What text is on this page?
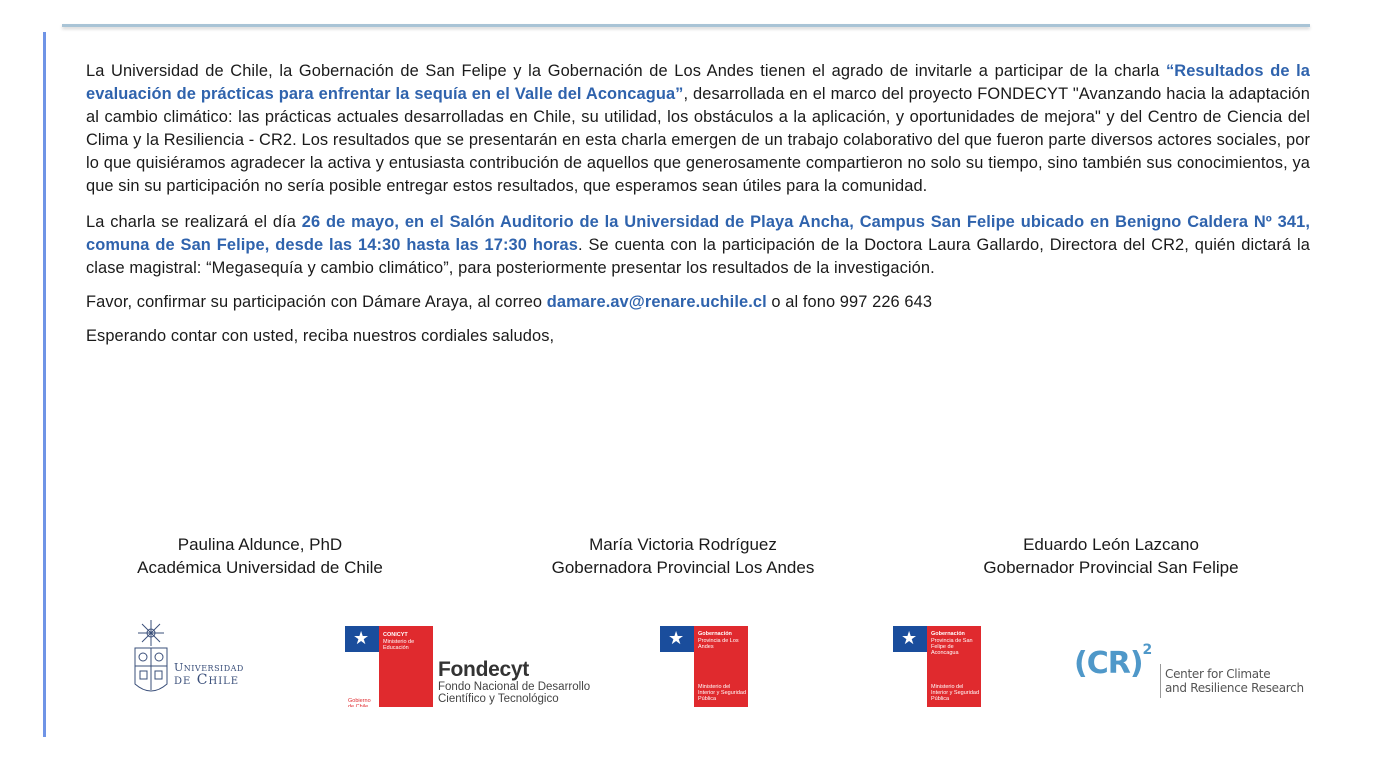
La Universidad de Chile, la Gobernación de San Felipe y la Gobernación de Los Andes tienen el agrado de invitarle a participar de la charla “Resultados de la evaluación de prácticas para enfrentar la sequía en el Valle del Aconcagua”, desarrollada en el marco del proyecto FONDECYT "Avanzando hacia la adaptación al cambio climático: las prácticas actuales desarrolladas en Chile, su utilidad, los obstáculos a la aplicación, y oportunidades de mejora" y del Centro de Ciencia del Clima y la Resiliencia - CR2. Los resultados que se presentarán en esta charla emergen de un trabajo colaborativo del que fueron parte diversos actores sociales, por lo que quisiéramos agradecer la activa y entusiasta contribución de aquellos que generosamente compartieron no solo su tiempo, sino también sus conocimientos, ya que sin su participación no sería posible entregar estos resultados, que esperamos sean útiles para la comunidad.

La charla se realizará el día 26 de mayo, en el Salón Auditorio de la Universidad de Playa Ancha, Campus San Felipe ubicado en Benigno Caldera Nº 341, comuna de San Felipe, desde las 14:30 hasta las 17:30 horas. Se cuenta con la participación de la Doctora Laura Gallardo, Directora del CR2, quién dictará la clase magistral: “Megasequía y cambio climático”, para posteriormente presentar los resultados de la investigación.

Favor, confirmar su participación con Dámare Araya, al correo damare.av@renare.uchile.cl o al fono 997 226 643

Esperando contar con usted, reciba nuestros cordiales saludos,

Paulina Aldunce, PhD
Académica Universidad de Chile
María Victoria Rodríguez
Gobernadora Provincial Los Andes
Eduardo León Lazcano
Gobernador Provincial San Felipe
Universidad
de Chile
★	CONICYT
Ministerio de Educación
Gobierno de Chile
Fondecyt
Fondo Nacional de Desarrollo
Científico y Tecnológico
★	Gobernación
Provincia de Los Andes
Ministerio del Interior y Seguridad Pública
★	Gobernación
Provincia de San Felipe de Aconcagua
Ministerio del Interior y Seguridad Pública
(CR)$^2$
Center for Climate
and Resilience Research
